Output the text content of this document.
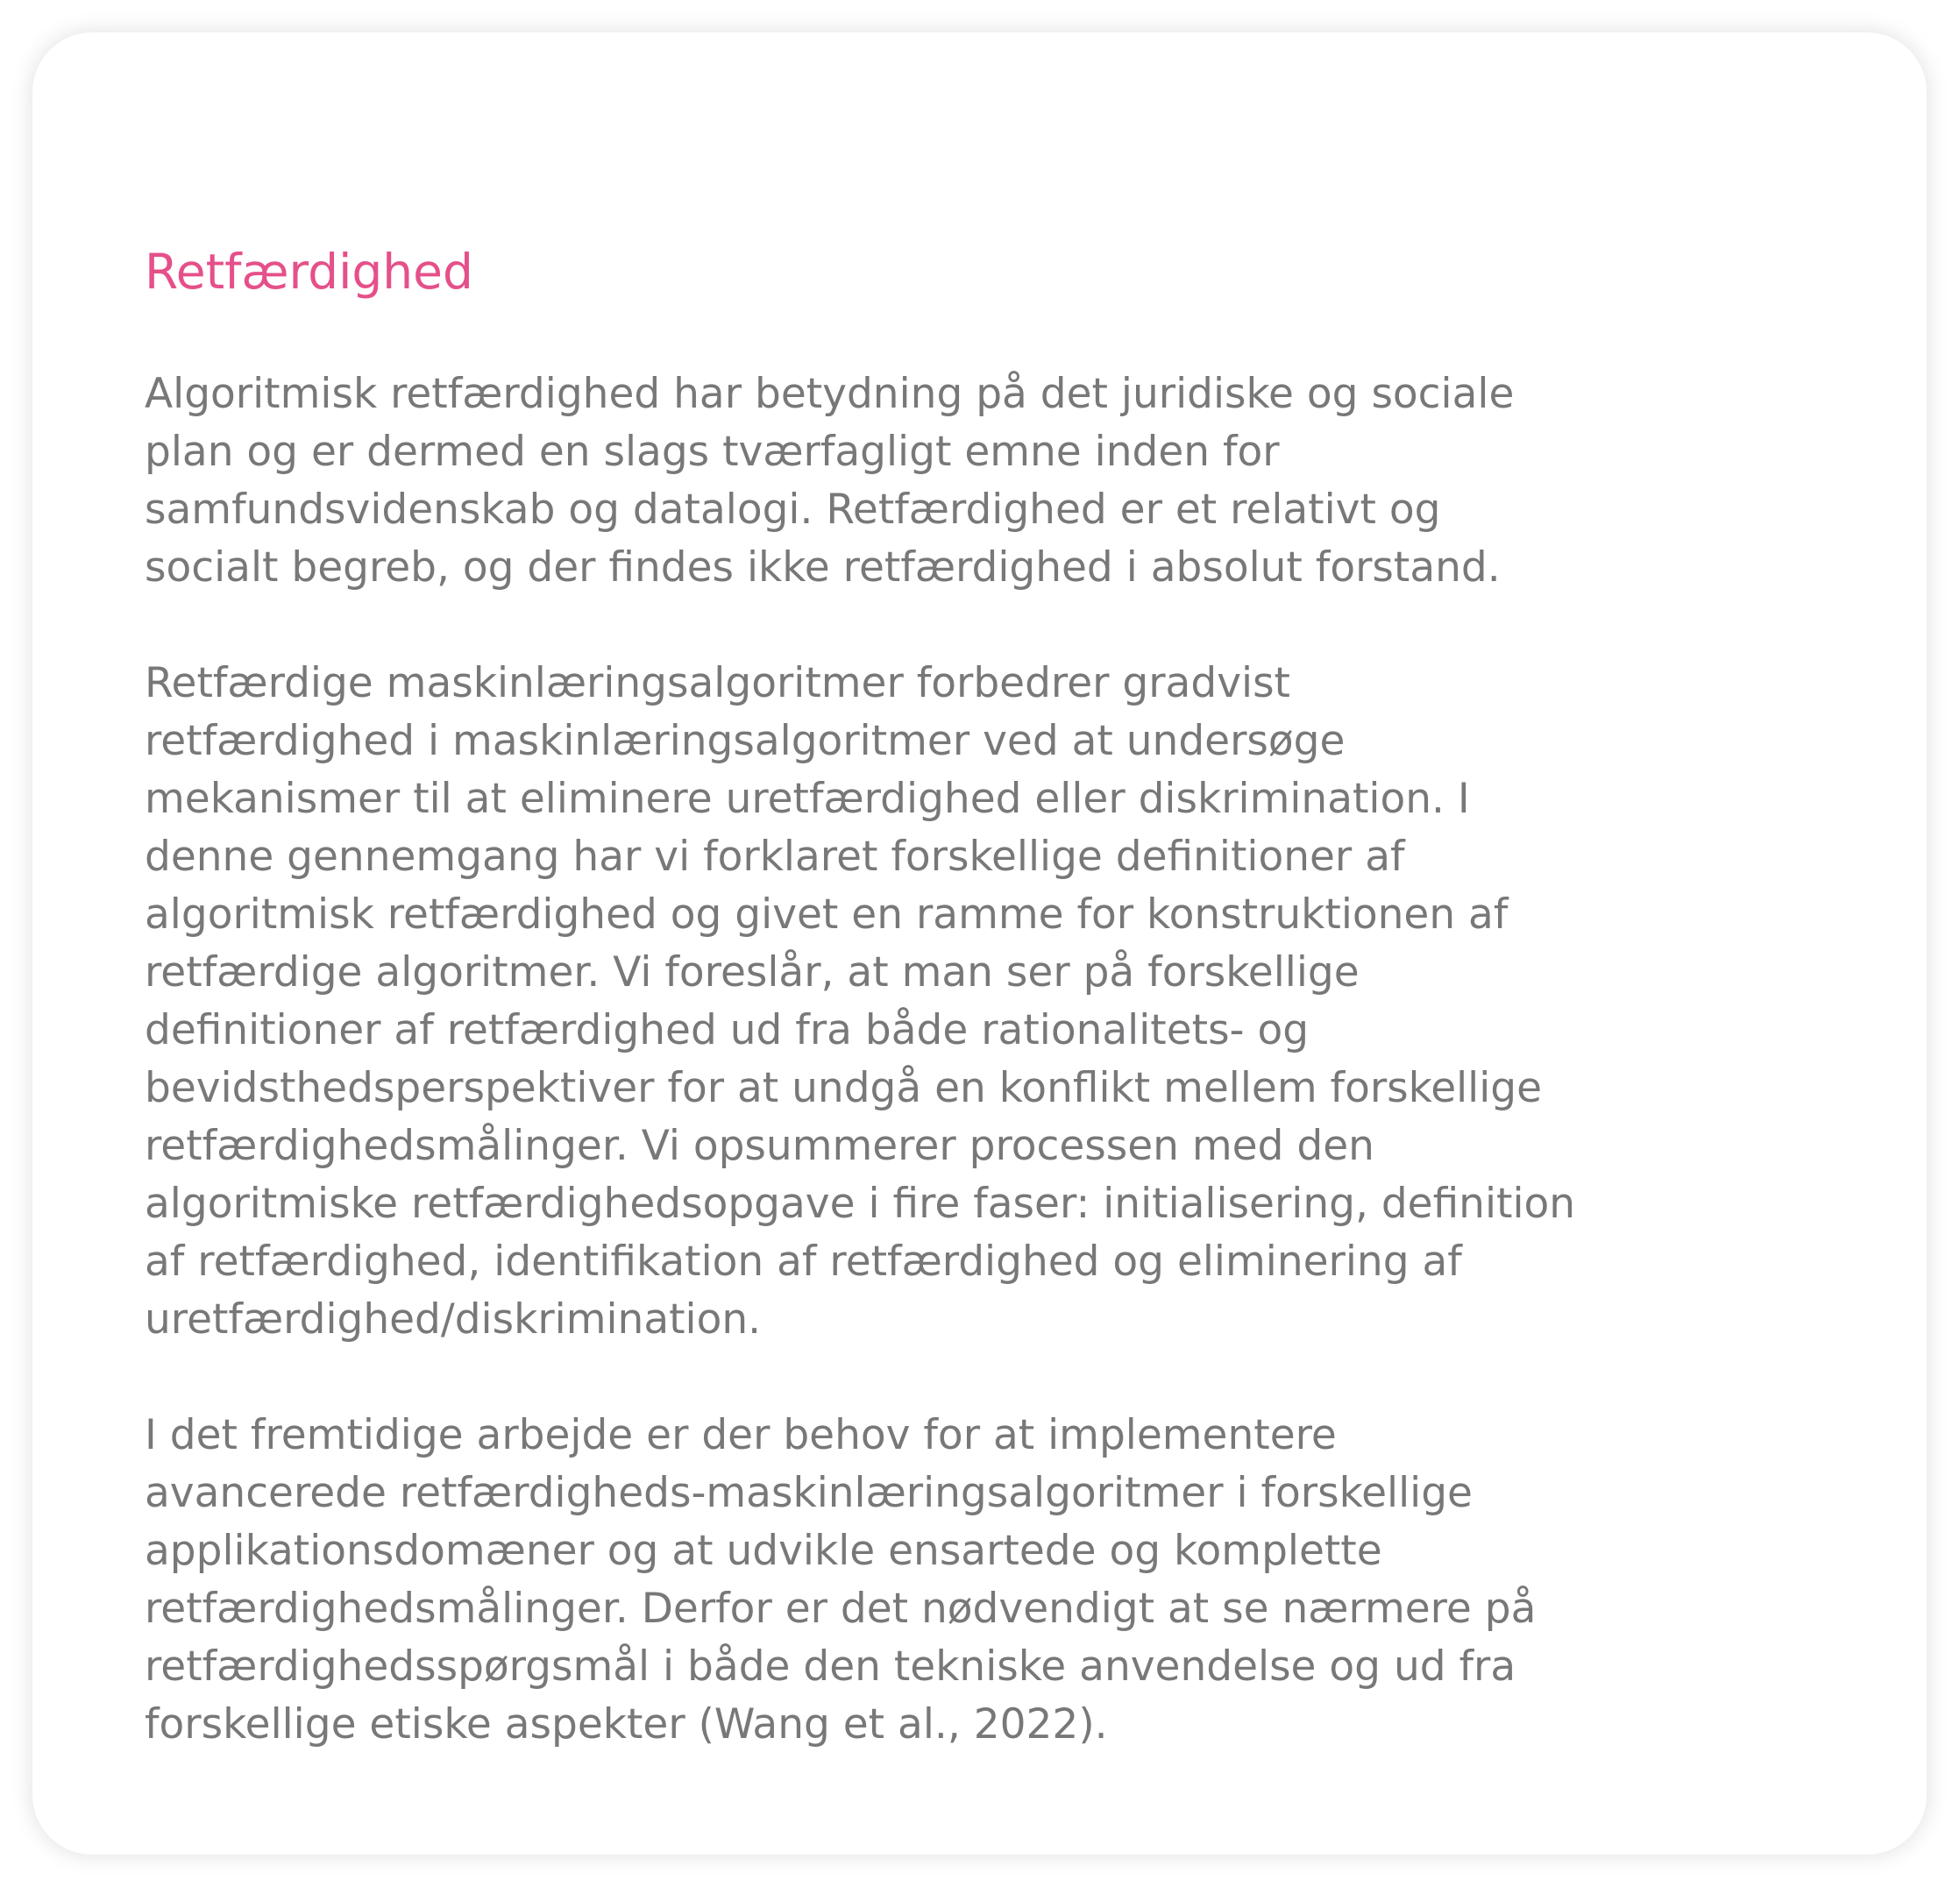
Retfærdighed

Algoritmisk retfærdighed har betydning på det juridiske og sociale
plan og er dermed en slags tværfagligt emne inden for
samfundsvidenskab og datalogi. Retfærdighed er et relativt og
socialt begreb, og der findes ikke retfærdighed i absolut forstand.

Retfærdige maskinlæringsalgoritmer forbedrer gradvist
retfærdighed i maskinlæringsalgoritmer ved at undersøge
mekanismer til at eliminere uretfærdighed eller diskrimination. I
denne gennemgang har vi forklaret forskellige definitioner af
algoritmisk retfærdighed og givet en ramme for konstruktionen af
retfærdige algoritmer. Vi foreslår, at man ser på forskellige
definitioner af retfærdighed ud fra både rationalitets- og
bevidsthedsperspektiver for at undgå en konflikt mellem forskellige
retfærdighedsmålinger. Vi opsummerer processen med den
algoritmiske retfærdighedsopgave i fire faser: initialisering, definition
af retfærdighed, identifikation af retfærdighed og eliminering af
uretfærdighed/diskrimination.

I det fremtidige arbejde er der behov for at implementere
avancerede retfærdigheds-maskinlæringsalgoritmer i forskellige
applikationsdomæner og at udvikle ensartede og komplette
retfærdighedsmålinger. Derfor er det nødvendigt at se nærmere på
retfærdighedsspørgsmål i både den tekniske anvendelse og ud fra
forskellige etiske aspekter (Wang et al., 2022).
